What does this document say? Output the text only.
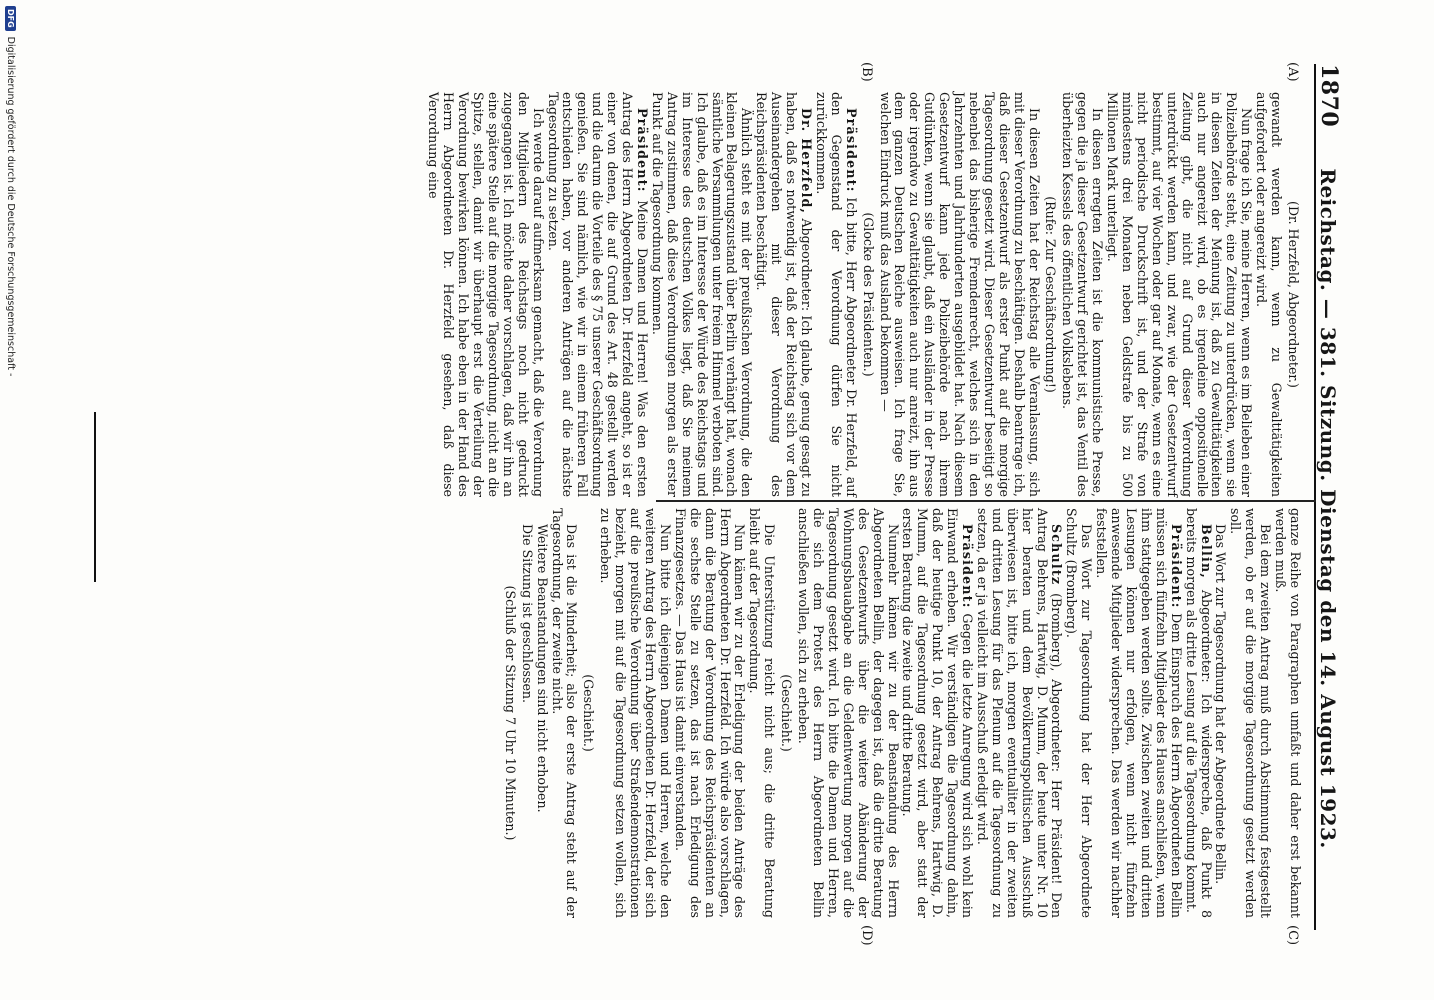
1870
Reichstag. — 381. Sitzung. Dienstag den 14. August 1923.
(A)
(B)
(C)
(D)

(Dr. Herzfeld, Abgeordneter.)

gewandt werden kann, wenn zu Gewalttätigkeiten aufgefordert oder angereizt wird.

Nun frage ich Sie, meine Herren, wenn es im Belieben einer Polizeibehörde steht, eine Zeitung zu unterdrücken, wenn sie in diesen Zeiten der Meinung ist, daß zu Gewalttätigkeiten auch nur angereizt wird, ob es irgendeine oppositionelle Zeitung gibt, die nicht auf Grund dieser Verordnung unterdrückt werden kann, und zwar, wie der Gesetzentwurf bestimmt, auf vier Wochen oder gar auf Monate, wenn es eine nicht periodische Druckschrift ist, und der Strafe von mindestens drei Monaten neben Geldstrafe bis zu 500 Millionen Mark unterliegt.

In diesen erregten Zeiten ist die kommunistische Presse, gegen die ja dieser Gesetzentwurf gerichtet ist, das Ventil des überheizten Kessels des öffentlichen Volkslebens.

(Rufe: Zur Geschäftsordnung!)

In diesen Zeiten hat der Reichstag alle Veranlassung, sich mit dieser Verordnung zu beschäftigen. Deshalb beantrage ich, daß dieser Gesetzentwurf als erster Punkt auf die morgige Tagesordnung gesetzt wird. Dieser Gesetzentwurf beseitigt so nebenbei das bisherige Fremdenrecht, welches sich in den Jahrzehnten und Jahrhunderten ausgebildet hat. Nach diesem Gesetzentwurf kann jede Polizeibehörde nach ihrem Gutdünken, wenn sie glaubt, daß ein Ausländer in der Presse oder irgendwo zu Gewalttätigkeiten auch nur anreizt, ihn aus dem ganzen Deutschen Reiche ausweisen. Ich frage Sie, welchen Eindruck muß das Ausland bekommen —

(Glocke des Präsidenten.)

Präsident: Ich bitte, Herr Abgeordneter Dr. Herzfeld, auf den Gegenstand der Verordnung dürfen Sie nicht zurückkommen.

Dr. Herzfeld, Abgeordneter: Ich glaube, genug gesagt zu haben, daß es notwendig ist, daß der Reichstag sich vor dem Auseinandergehen mit dieser Verordnung des Reichspräsidenten beschäftigt.

Ähnlich steht es mit der preußischen Verordnung, die den kleinen Belagerungszustand über Berlin verhängt hat, wonach sämtliche Versammlungen unter freiem Himmel verboten sind. Ich glaube, daß es im Interesse der Würde des Reichstags und im Interesse des deutschen Volkes liegt, daß Sie meinem Antrag zustimmen, daß diese Verordnungen morgen als erster Punkt auf die Tagesordnung kommen.

Präsident: Meine Damen und Herren! Was den ersten Antrag des Herrn Abgeordneten Dr. Herzfeld angeht, so ist er einer von denen, die auf Grund des Art. 48 gestellt werden und die darum die Vorteile des § 75 unserer Geschäftsordnung genießen. Sie sind nämlich, wie wir in einem früheren Fall entschieden haben, vor anderen Anträgen auf die nächste Tagesordnung zu setzen.

Ich werde darauf aufmerksam gemacht, daß die Verordnung den Mitgliedern des Reichstags noch nicht gedruckt zugegangen ist. Ich möchte daher vorschlagen, daß wir ihn an eine spätere Stelle auf die morgige Tagesordnung, nicht an die Spitze, stellen, damit wir überhaupt erst die Verteilung der Verordnung bewirken können. Ich habe eben in der Hand des Herrn Abgeordneten Dr. Herzfeld gesehen, daß diese Verordnung eine

ganze Reihe von Paragraphen umfaßt und daher erst bekannt werden muß.

Bei dem zweiten Antrag muß durch Abstimmung festgestellt werden, ob er auf die morgige Tagesordnung gesetzt werden soll.

Das Wort zur Tagesordnung hat der Abgeordnete Bellin.

Bellin, Abgeordneter: Ich widerspreche, daß Punkt 8 bereits morgen als dritte Lesung auf die Tagesordnung kommt.

Präsident: Dem Einspruch des Herrn Abgeordneten Bellin müssen sich fünfzehn Mitglieder des Hauses anschließen, wenn ihm stattgegeben werden sollte. Zwischen zweiten und dritten Lesungen können nur erfolgen, wenn nicht fünfzehn anwesende Mitglieder widersprechen. Das werden wir nachher feststellen.

Das Wort zur Tagesordnung hat der Herr Abgeordnete Schultz (Bromberg).

Schultz (Bromberg), Abgeordneter: Herr Präsident! Den Antrag Behrens, Hartwig, D. Mumm, der heute unter Nr. 10 hier beraten und dem Bevölkerungspolitischen Ausschuß überwiesen ist, bitte ich, morgen eventualiter in der zweiten und dritten Lesung für das Plenum auf die Tagesordnung zu setzen, da er ja vielleicht im Ausschuß erledigt wird.

Präsident: Gegen die letzte Anregung wird sich wohl kein Einwand erheben. Wir verständigen die Tagesordnung dahin, daß der heutige Punkt 10, der Antrag Behrens, Hartwig, D. Mumm, auf die Tagesordnung gesetzt wird, aber statt der ersten Beratung die zweite und dritte Beratung.

Nunmehr kämen wir zu der Beanstandung des Herrn Abgeordneten Bellin, der dagegen ist, daß die dritte Beratung des Gesetzentwurfs über die weitere Abänderung der Wohnungsbauabgabe an die Geldentwertung morgen auf die Tagesordnung gesetzt wird. Ich bitte die Damen und Herren, die sich dem Protest des Herrn Abgeordneten Bellin anschließen wollen, sich zu erheben.

(Geschieht.)

Die Unterstützung reicht nicht aus; die dritte Beratung bleibt auf der Tagesordnung.

Nun kämen wir zu der Erledigung der beiden Anträge des Herrn Abgeordneten Dr. Herzfeld. Ich würde also vorschlagen, dann die Beratung der Verordnung des Reichspräsidenten an die sechste Stelle zu setzen, das ist nach Erledigung des Finanzgesetzes. — Das Haus ist damit einverstanden.

Nun bitte ich diejenigen Damen und Herren, welche den weiteren Antrag des Herrn Abgeordneten Dr. Herzfeld, der sich auf die preußische Verordnung über Straßendemonstrationen bezieht, morgen mit auf die Tagesordnung setzen wollen, sich zu erheben.

(Geschieht.)

Das ist die Minderheit; also der erste Antrag steht auf der Tagesordnung, der zweite nicht.

Weitere Beanstandungen sind nicht erhoben.

Die Sitzung ist geschlossen.

(Schluß der Sitzung 7 Uhr 10 Minuten.)

DFG
Digitalisierung gefördert durch die Deutsche Forschungsgemeinschaft -
